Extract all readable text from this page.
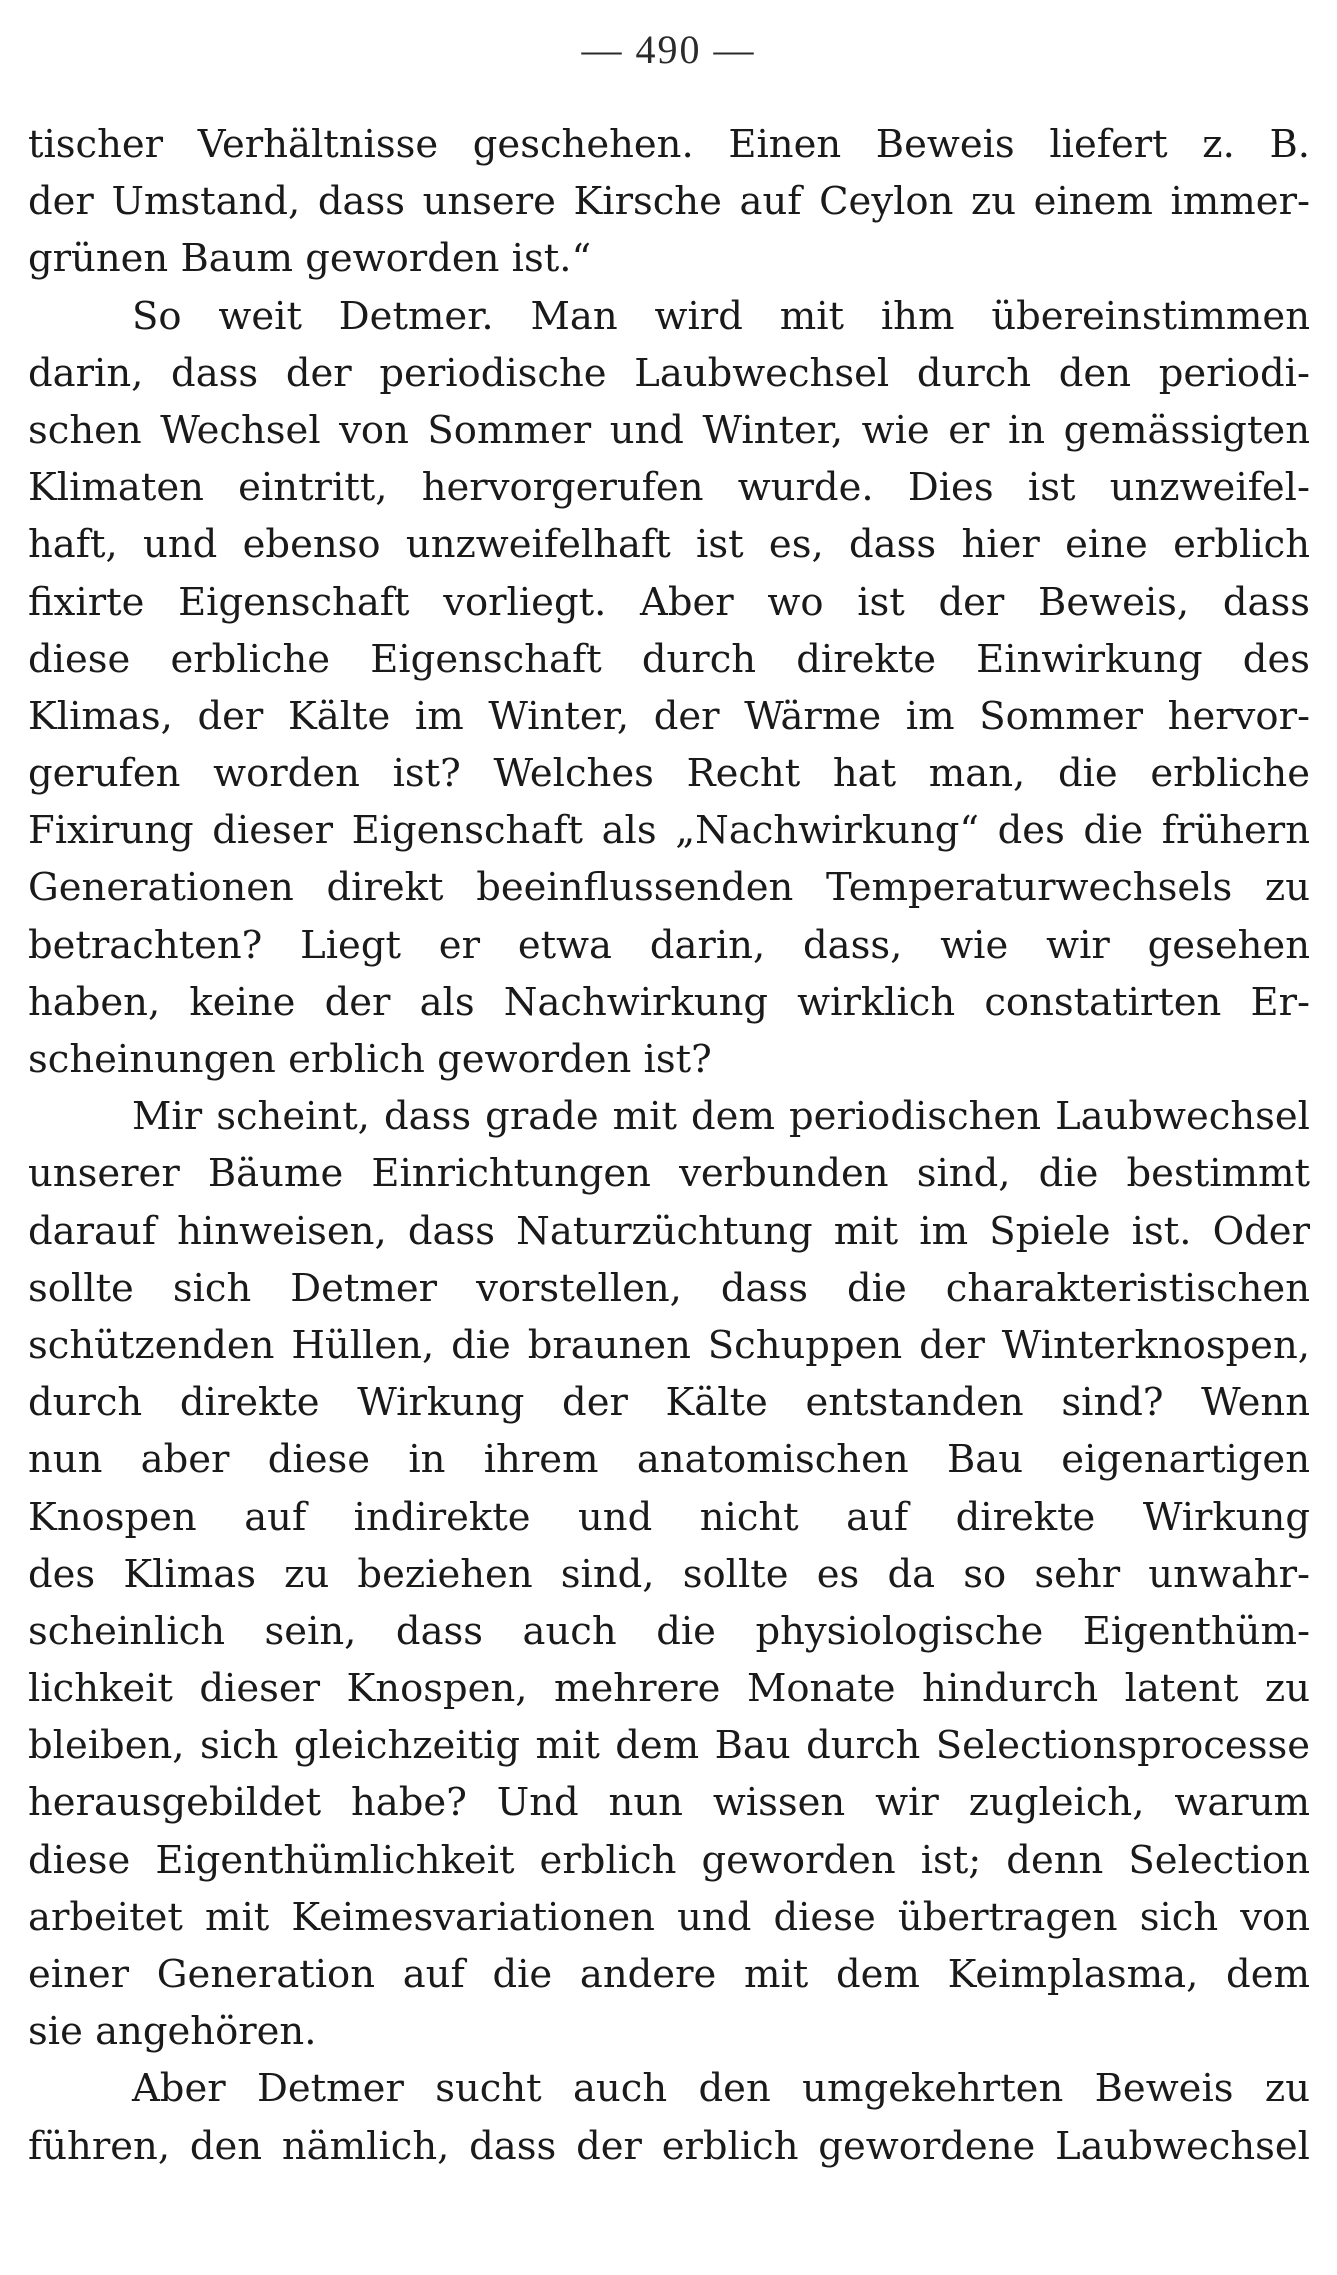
— 490 —
tischer Verhältnisse geschehen. Einen Beweis liefert z. B.
der Umstand, dass unsere Kirsche auf Ceylon zu einem immer-
grünen Baum geworden ist.“
So weit Detmer. Man wird mit ihm übereinstimmen
darin, dass der periodische Laubwechsel durch den periodi-
schen Wechsel von Sommer und Winter, wie er in gemässigten
Klimaten eintritt, hervorgerufen wurde. Dies ist unzweifel-
haft, und ebenso unzweifelhaft ist es, dass hier eine erblich
fixirte Eigenschaft vorliegt. Aber wo ist der Beweis, dass
diese erbliche Eigenschaft durch direkte Einwirkung des
Klimas, der Kälte im Winter, der Wärme im Sommer hervor-
gerufen worden ist? Welches Recht hat man, die erbliche
Fixirung dieser Eigenschaft als „Nachwirkung“ des die frühern
Generationen direkt beeinflussenden Temperaturwechsels zu
betrachten? Liegt er etwa darin, dass, wie wir gesehen
haben, keine der als Nachwirkung wirklich constatirten Er-
scheinungen erblich geworden ist?
Mir scheint, dass grade mit dem periodischen Laubwechsel
unserer Bäume Einrichtungen verbunden sind, die bestimmt
darauf hinweisen, dass Naturzüchtung mit im Spiele ist. Oder
sollte sich Detmer vorstellen, dass die charakteristischen
schützenden Hüllen, die braunen Schuppen der Winterknospen,
durch direkte Wirkung der Kälte entstanden sind? Wenn
nun aber diese in ihrem anatomischen Bau eigenartigen
Knospen auf indirekte und nicht auf direkte Wirkung
des Klimas zu beziehen sind, sollte es da so sehr unwahr-
scheinlich sein, dass auch die physiologische Eigenthüm-
lichkeit dieser Knospen, mehrere Monate hindurch latent zu
bleiben, sich gleichzeitig mit dem Bau durch Selectionsprocesse
herausgebildet habe? Und nun wissen wir zugleich, warum
diese Eigenthümlichkeit erblich geworden ist; denn Selection
arbeitet mit Keimesvariationen und diese übertragen sich von
einer Generation auf die andere mit dem Keimplasma, dem
sie angehören.
Aber Detmer sucht auch den umgekehrten Beweis zu
führen, den nämlich, dass der erblich gewordene Laubwechsel
